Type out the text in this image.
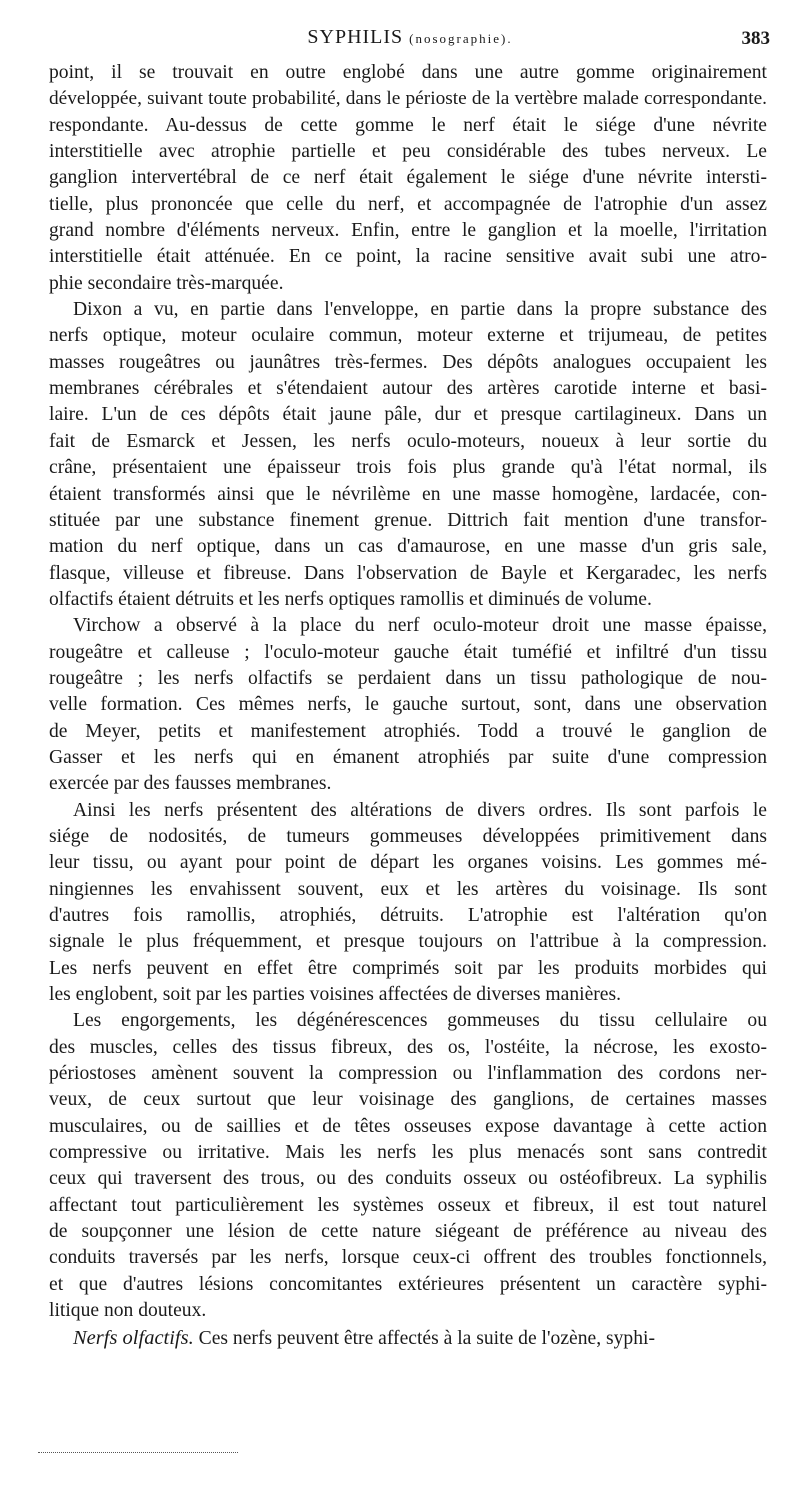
SYPHILIS (nosographie).	383
point, il se trouvait en outre englobé dans une autre gomme originairement
développée, suivant toute probabilité, dans le périoste de la vertèbre malade correspondante.
respondante. Au-dessus de cette gomme le nerf était le siége d'une névrite
interstitielle avec atrophie partielle et peu considérable des tubes nerveux. Le
ganglion intervertébral de ce nerf était également le siége d'une névrite intersti-
tielle, plus prononcée que celle du nerf, et accompagnée de l'atrophie d'un assez
grand nombre d'éléments nerveux. Enfin, entre le ganglion et la moelle, l'irritation
interstitielle était atténuée. En ce point, la racine sensitive avait subi une atro-
phie secondaire très-marquée.
Dixon a vu, en partie dans l'enveloppe, en partie dans la propre substance des
nerfs optique, moteur oculaire commun, moteur externe et trijumeau, de petites
masses rougeâtres ou jaunâtres très-fermes. Des dépôts analogues occupaient les
membranes cérébrales et s'étendaient autour des artères carotide interne et basi-
laire. L'un de ces dépôts était jaune pâle, dur et presque cartilagineux. Dans un
fait de Esmarck et Jessen, les nerfs oculo-moteurs, noueux à leur sortie du
crâne, présentaient une épaisseur trois fois plus grande qu'à l'état normal, ils
étaient transformés ainsi que le névrilème en une masse homogène, lardacée, con-
stituée par une substance finement grenue. Dittrich fait mention d'une transfor-
mation du nerf optique, dans un cas d'amaurose, en une masse d'un gris sale,
flasque, villeuse et fibreuse. Dans l'observation de Bayle et Kergaradec, les nerfs
olfactifs étaient détruits et les nerfs optiques ramollis et diminués de volume.
Virchow a observé à la place du nerf oculo-moteur droit une masse épaisse,
rougeâtre et calleuse ; l'oculo-moteur gauche était tuméfié et infiltré d'un tissu
rougeâtre ; les nerfs olfactifs se perdaient dans un tissu pathologique de nou-
velle formation. Ces mêmes nerfs, le gauche surtout, sont, dans une observation
de Meyer, petits et manifestement atrophiés. Todd a trouvé le ganglion de
Gasser et les nerfs qui en émanent atrophiés par suite d'une compression
exercée par des fausses membranes.
Ainsi les nerfs présentent des altérations de divers ordres. Ils sont parfois le
siége de nodosités, de tumeurs gommeuses développées primitivement dans
leur tissu, ou ayant pour point de départ les organes voisins. Les gommes mé-
ningiennes les envahissent souvent, eux et les artères du voisinage. Ils sont
d'autres fois ramollis, atrophiés, détruits. L'atrophie est l'altération qu'on
signale le plus fréquemment, et presque toujours on l'attribue à la compression.
Les nerfs peuvent en effet être comprimés soit par les produits morbides qui
les englobent, soit par les parties voisines affectées de diverses manières.
Les engorgements, les dégénérescences gommeuses du tissu cellulaire ou
des muscles, celles des tissus fibreux, des os, l'ostéite, la nécrose, les exosto-
périostoses amènent souvent la compression ou l'inflammation des cordons ner-
veux, de ceux surtout que leur voisinage des ganglions, de certaines masses
musculaires, ou de saillies et de têtes osseuses expose davantage à cette action
compressive ou irritative. Mais les nerfs les plus menacés sont sans contredit
ceux qui traversent des trous, ou des conduits osseux ou ostéofibreux. La syphilis
affectant tout particulièrement les systèmes osseux et fibreux, il est tout naturel
de soupçonner une lésion de cette nature siégeant de préférence au niveau des
conduits traversés par les nerfs, lorsque ceux-ci offrent des troubles fonctionnels,
et que d'autres lésions concomitantes extérieures présentent un caractère syphi-
litique non douteux.
Nerfs olfactifs. Ces nerfs peuvent être affectés à la suite de l'ozène, syphi-
